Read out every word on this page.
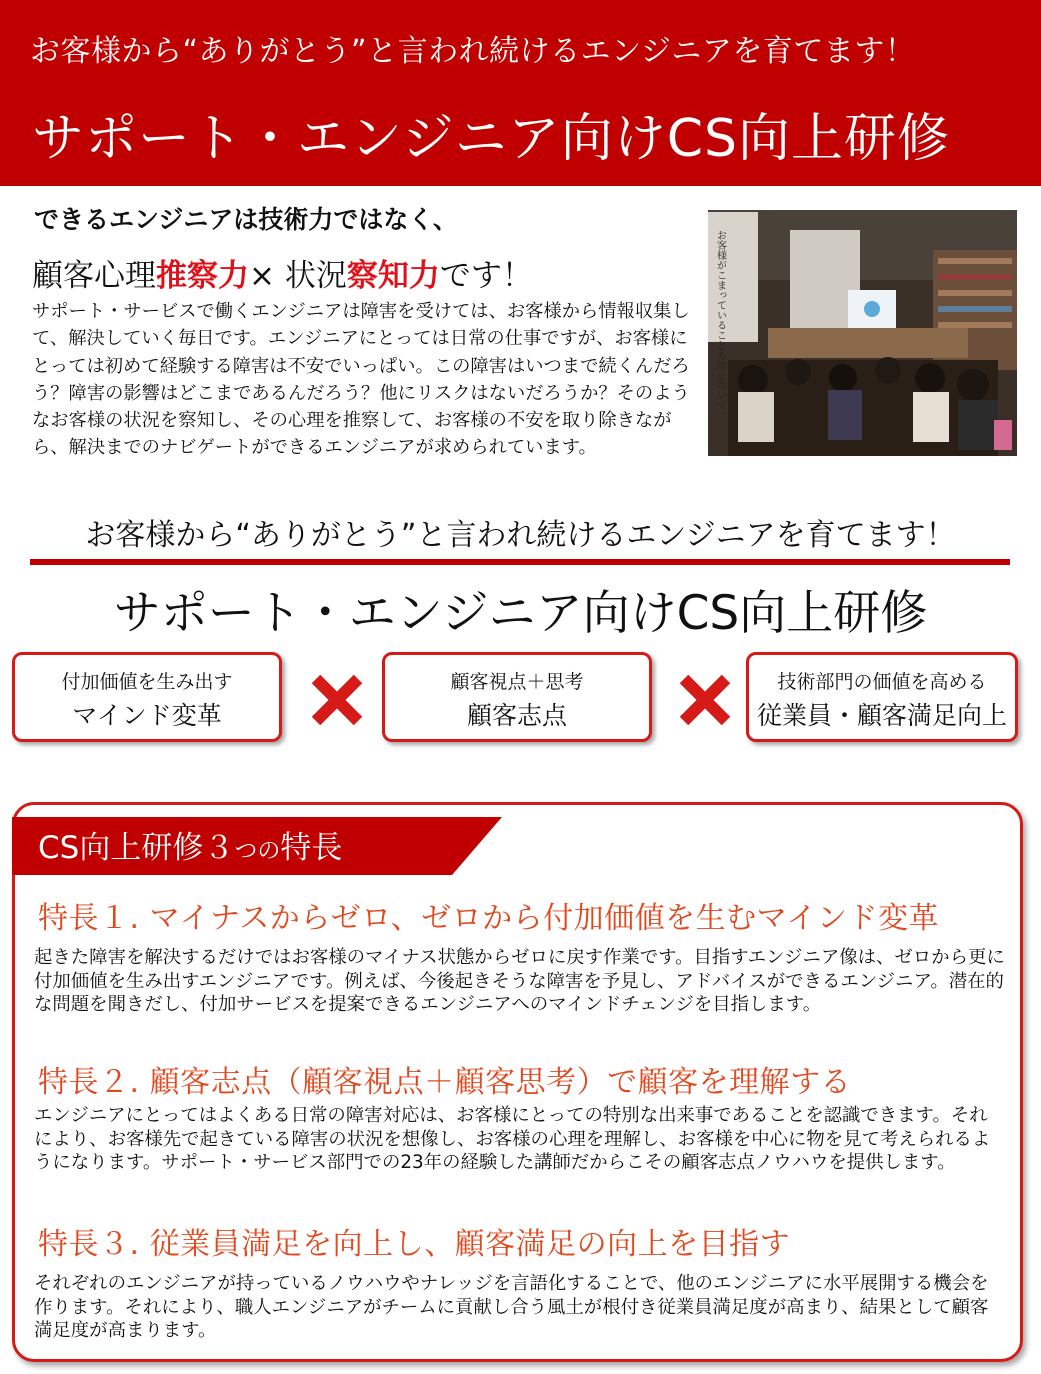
お客様から“ありがとう”と言われ続けるエンジニアを育てます！
サポート・エンジニア向けCS向上研修
できるエンジニアは技術力ではなく、
顧客心理推察力× 状況察知力です！
サポート・サービスで働くエンジニアは障害を受けては、お客様から情報収集して、解決していく毎日です。エンジニアにとっては日常の仕事ですが、お客様にとっては初めて経験する障害は不安でいっぱい。この障害はいつまで続くんだろう？障害の影響はどこまであるんだろう？他にリスクはないだろうか？そのようなお客様の状況を察知し、その心理を推察して、お客様の不安を取り除きながら、解決までのナビゲートができるエンジニアが求められています。
お客様がこまっていることも知らないで
お客様から“ありがとう”と言われ続けるエンジニアを育てます！
サポート・エンジニア向けCS向上研修
付加価値を生み出す
マインド変革
顧客視点＋思考
顧客志点
技術部門の価値を高める
従業員・顧客満足向上
CS向上研修３つの特長
特長１. マイナスからゼロ、ゼロから付加価値を生むマインド変革
起きた障害を解決するだけではお客様のマイナス状態からゼロに戻す作業です。目指すエンジニア像は、ゼロから更に付加価値を生み出すエンジニアです。例えば、今後起きそうな障害を予見し、アドバイスができるエンジニア。潜在的な問題を聞きだし、付加サービスを提案できるエンジニアへのマインドチェンジを目指します。
特長２. 顧客志点（顧客視点＋顧客思考）で顧客を理解する
エンジニアにとってはよくある日常の障害対応は、お客様にとっての特別な出来事であることを認識できます。それにより、お客様先で起きている障害の状況を想像し、お客様の心理を理解し、お客様を中心に物を見て考えられるようになります。サポート・サービス部門での23年の経験した講師だからこその顧客志点ノウハウを提供します。
特長３. 従業員満足を向上し、顧客満足の向上を目指す
それぞれのエンジニアが持っているノウハウやナレッジを言語化することで、他のエンジニアに水平展開する機会を作ります。それにより、職人エンジニアがチームに貢献し合う風土が根付き従業員満足度が高まり、結果として顧客満足度が高まります。
